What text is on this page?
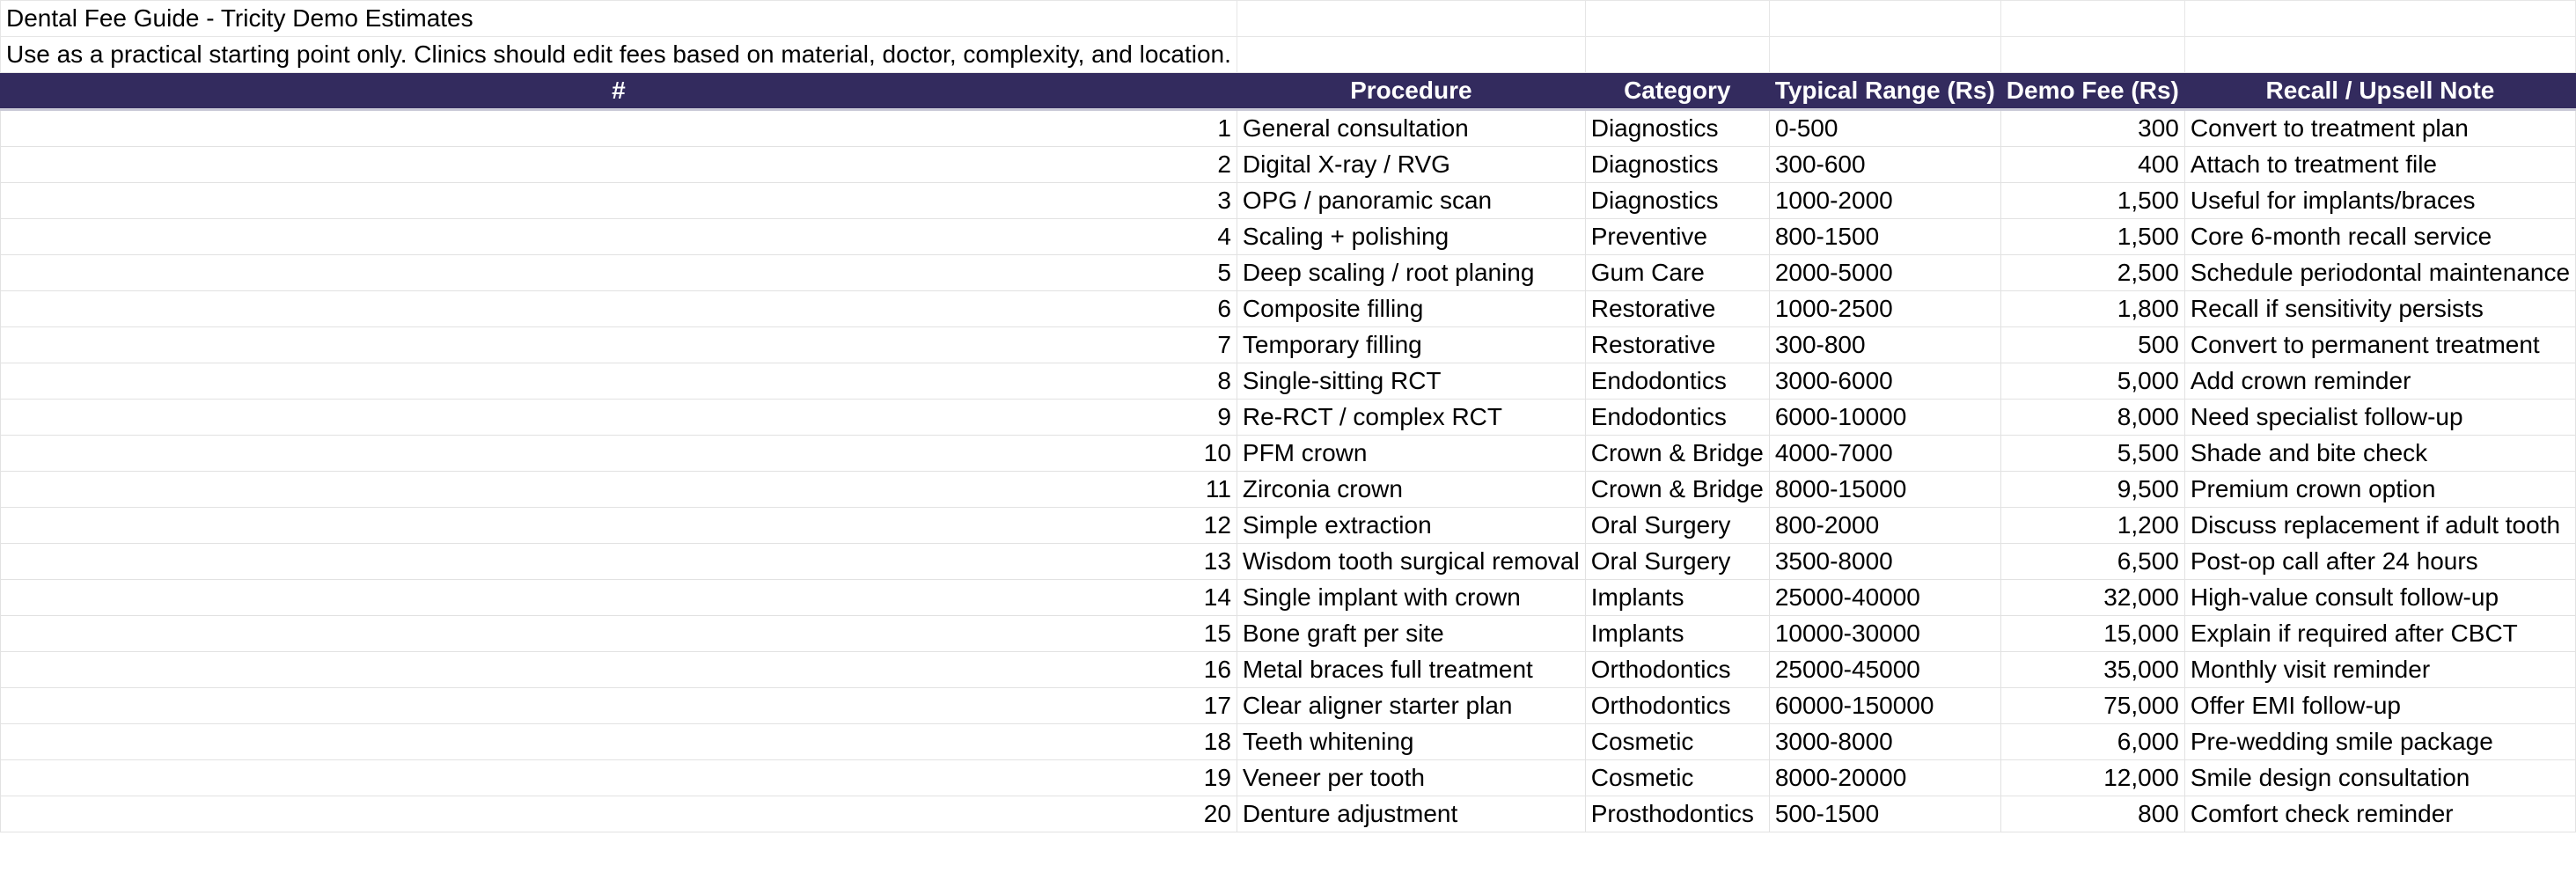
Dental Fee Guide - Tricity Demo Estimates					
Use as a practical starting point only. Clinics should edit fees based on material, doctor, complexity, and location.					
#	Procedure	Category	Typical Range (Rs)	Demo Fee (Rs)	Recall / Upsell Note
1	General consultation	Diagnostics	0-500	300	Convert to treatment plan
2	Digital X-ray / RVG	Diagnostics	300-600	400	Attach to treatment file
3	OPG / panoramic scan	Diagnostics	1000-2000	1,500	Useful for implants/braces
4	Scaling + polishing	Preventive	800-1500	1,500	Core 6-month recall service
5	Deep scaling / root planing	Gum Care	2000-5000	2,500	Schedule periodontal maintenance
6	Composite filling	Restorative	1000-2500	1,800	Recall if sensitivity persists
7	Temporary filling	Restorative	300-800	500	Convert to permanent treatment
8	Single-sitting RCT	Endodontics	3000-6000	5,000	Add crown reminder
9	Re-RCT / complex RCT	Endodontics	6000-10000	8,000	Need specialist follow-up
10	PFM crown	Crown & Bridge	4000-7000	5,500	Shade and bite check
11	Zirconia crown	Crown & Bridge	8000-15000	9,500	Premium crown option
12	Simple extraction	Oral Surgery	800-2000	1,200	Discuss replacement if adult tooth
13	Wisdom tooth surgical removal	Oral Surgery	3500-8000	6,500	Post-op call after 24 hours
14	Single implant with crown	Implants	25000-40000	32,000	High-value consult follow-up
15	Bone graft per site	Implants	10000-30000	15,000	Explain if required after CBCT
16	Metal braces full treatment	Orthodontics	25000-45000	35,000	Monthly visit reminder
17	Clear aligner starter plan	Orthodontics	60000-150000	75,000	Offer EMI follow-up
18	Teeth whitening	Cosmetic	3000-8000	6,000	Pre-wedding smile package
19	Veneer per tooth	Cosmetic	8000-20000	12,000	Smile design consultation
20	Denture adjustment	Prosthodontics	500-1500	800	Comfort check reminder
